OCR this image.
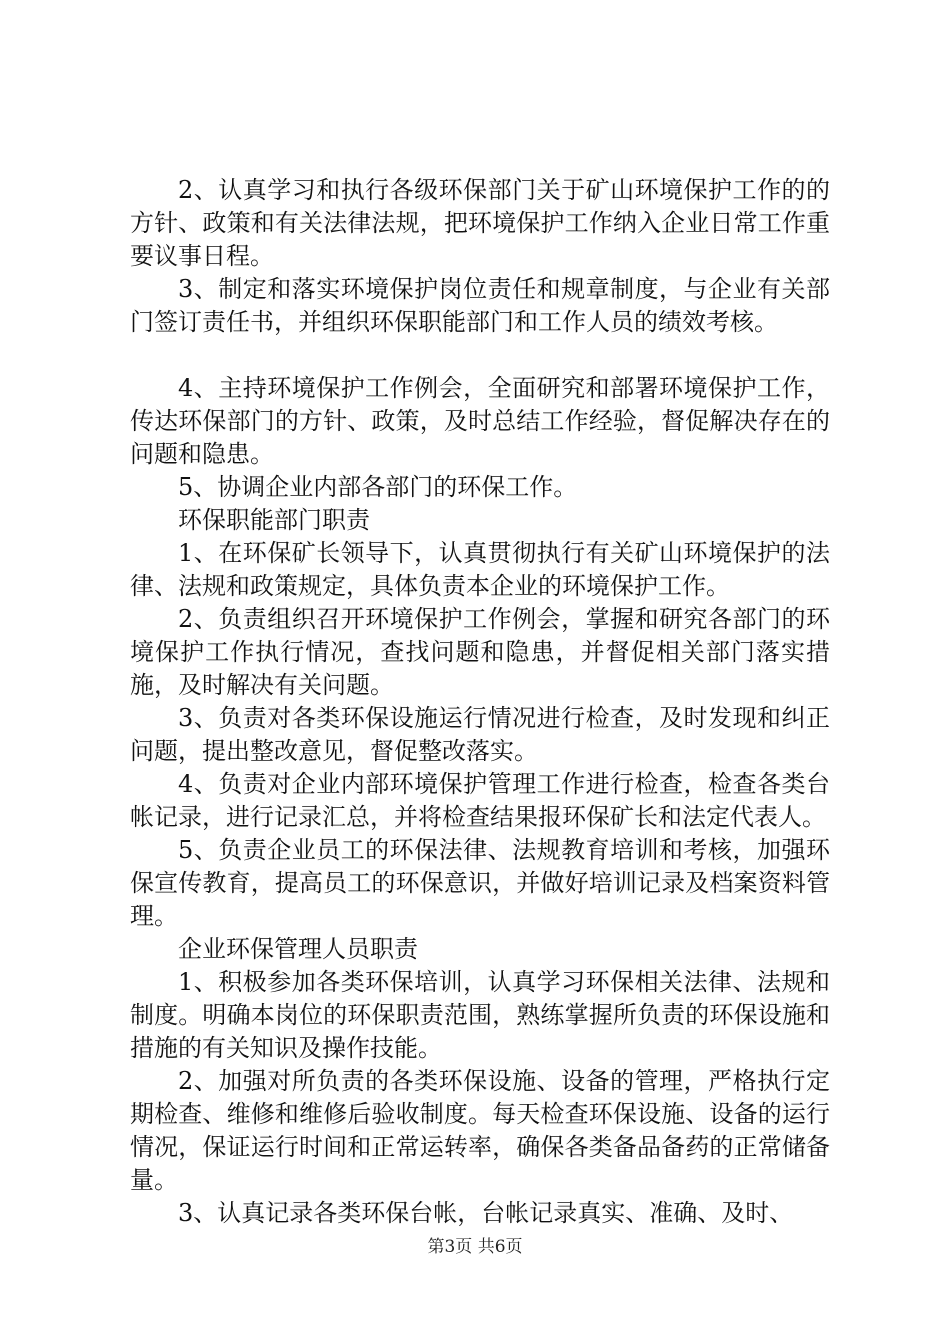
2、认真学习和执行各级环保部门关于矿山环境保护工作的的方针、政策和有关法律法规，把环境保护工作纳入企业日常工作重要议事日程。

3、制定和落实环境保护岗位责任和规章制度，与企业有关部门签订责任书，并组织环保职能部门和工作人员的绩效考核。

4、主持环境保护工作例会，全面研究和部署环境保护工作，传达环保部门的方针、政策，及时总结工作经验，督促解决存在的问题和隐患。

5、协调企业内部各部门的环保工作。

环保职能部门职责

1、在环保矿长领导下，认真贯彻执行有关矿山环境保护的法律、法规和政策规定，具体负责本企业的环境保护工作。

2、负责组织召开环境保护工作例会，掌握和研究各部门的环境保护工作执行情况，查找问题和隐患，并督促相关部门落实措施，及时解决有关问题。

3、负责对各类环保设施运行情况进行检查，及时发现和纠正问题，提出整改意见，督促整改落实。

4、负责对企业内部环境保护管理工作进行检查，检查各类台帐记录，进行记录汇总，并将检查结果报环保矿长和法定代表人。

5、负责企业员工的环保法律、法规教育培训和考核，加强环保宣传教育，提高员工的环保意识，并做好培训记录及档案资料管理。

企业环保管理人员职责

1、积极参加各类环保培训，认真学习环保相关法律、法规和制度。明确本岗位的环保职责范围，熟练掌握所负责的环保设施和措施的有关知识及操作技能。

2、加强对所负责的各类环保设施、设备的管理，严格执行定期检查、维修和维修后验收制度。每天检查环保设施、设备的运行情况，保证运行时间和正常运转率，确保各类备品备药的正常储备量。

3、认真记录各类环保台帐，台帐记录真实、准确、及时、

第3页 共6页
